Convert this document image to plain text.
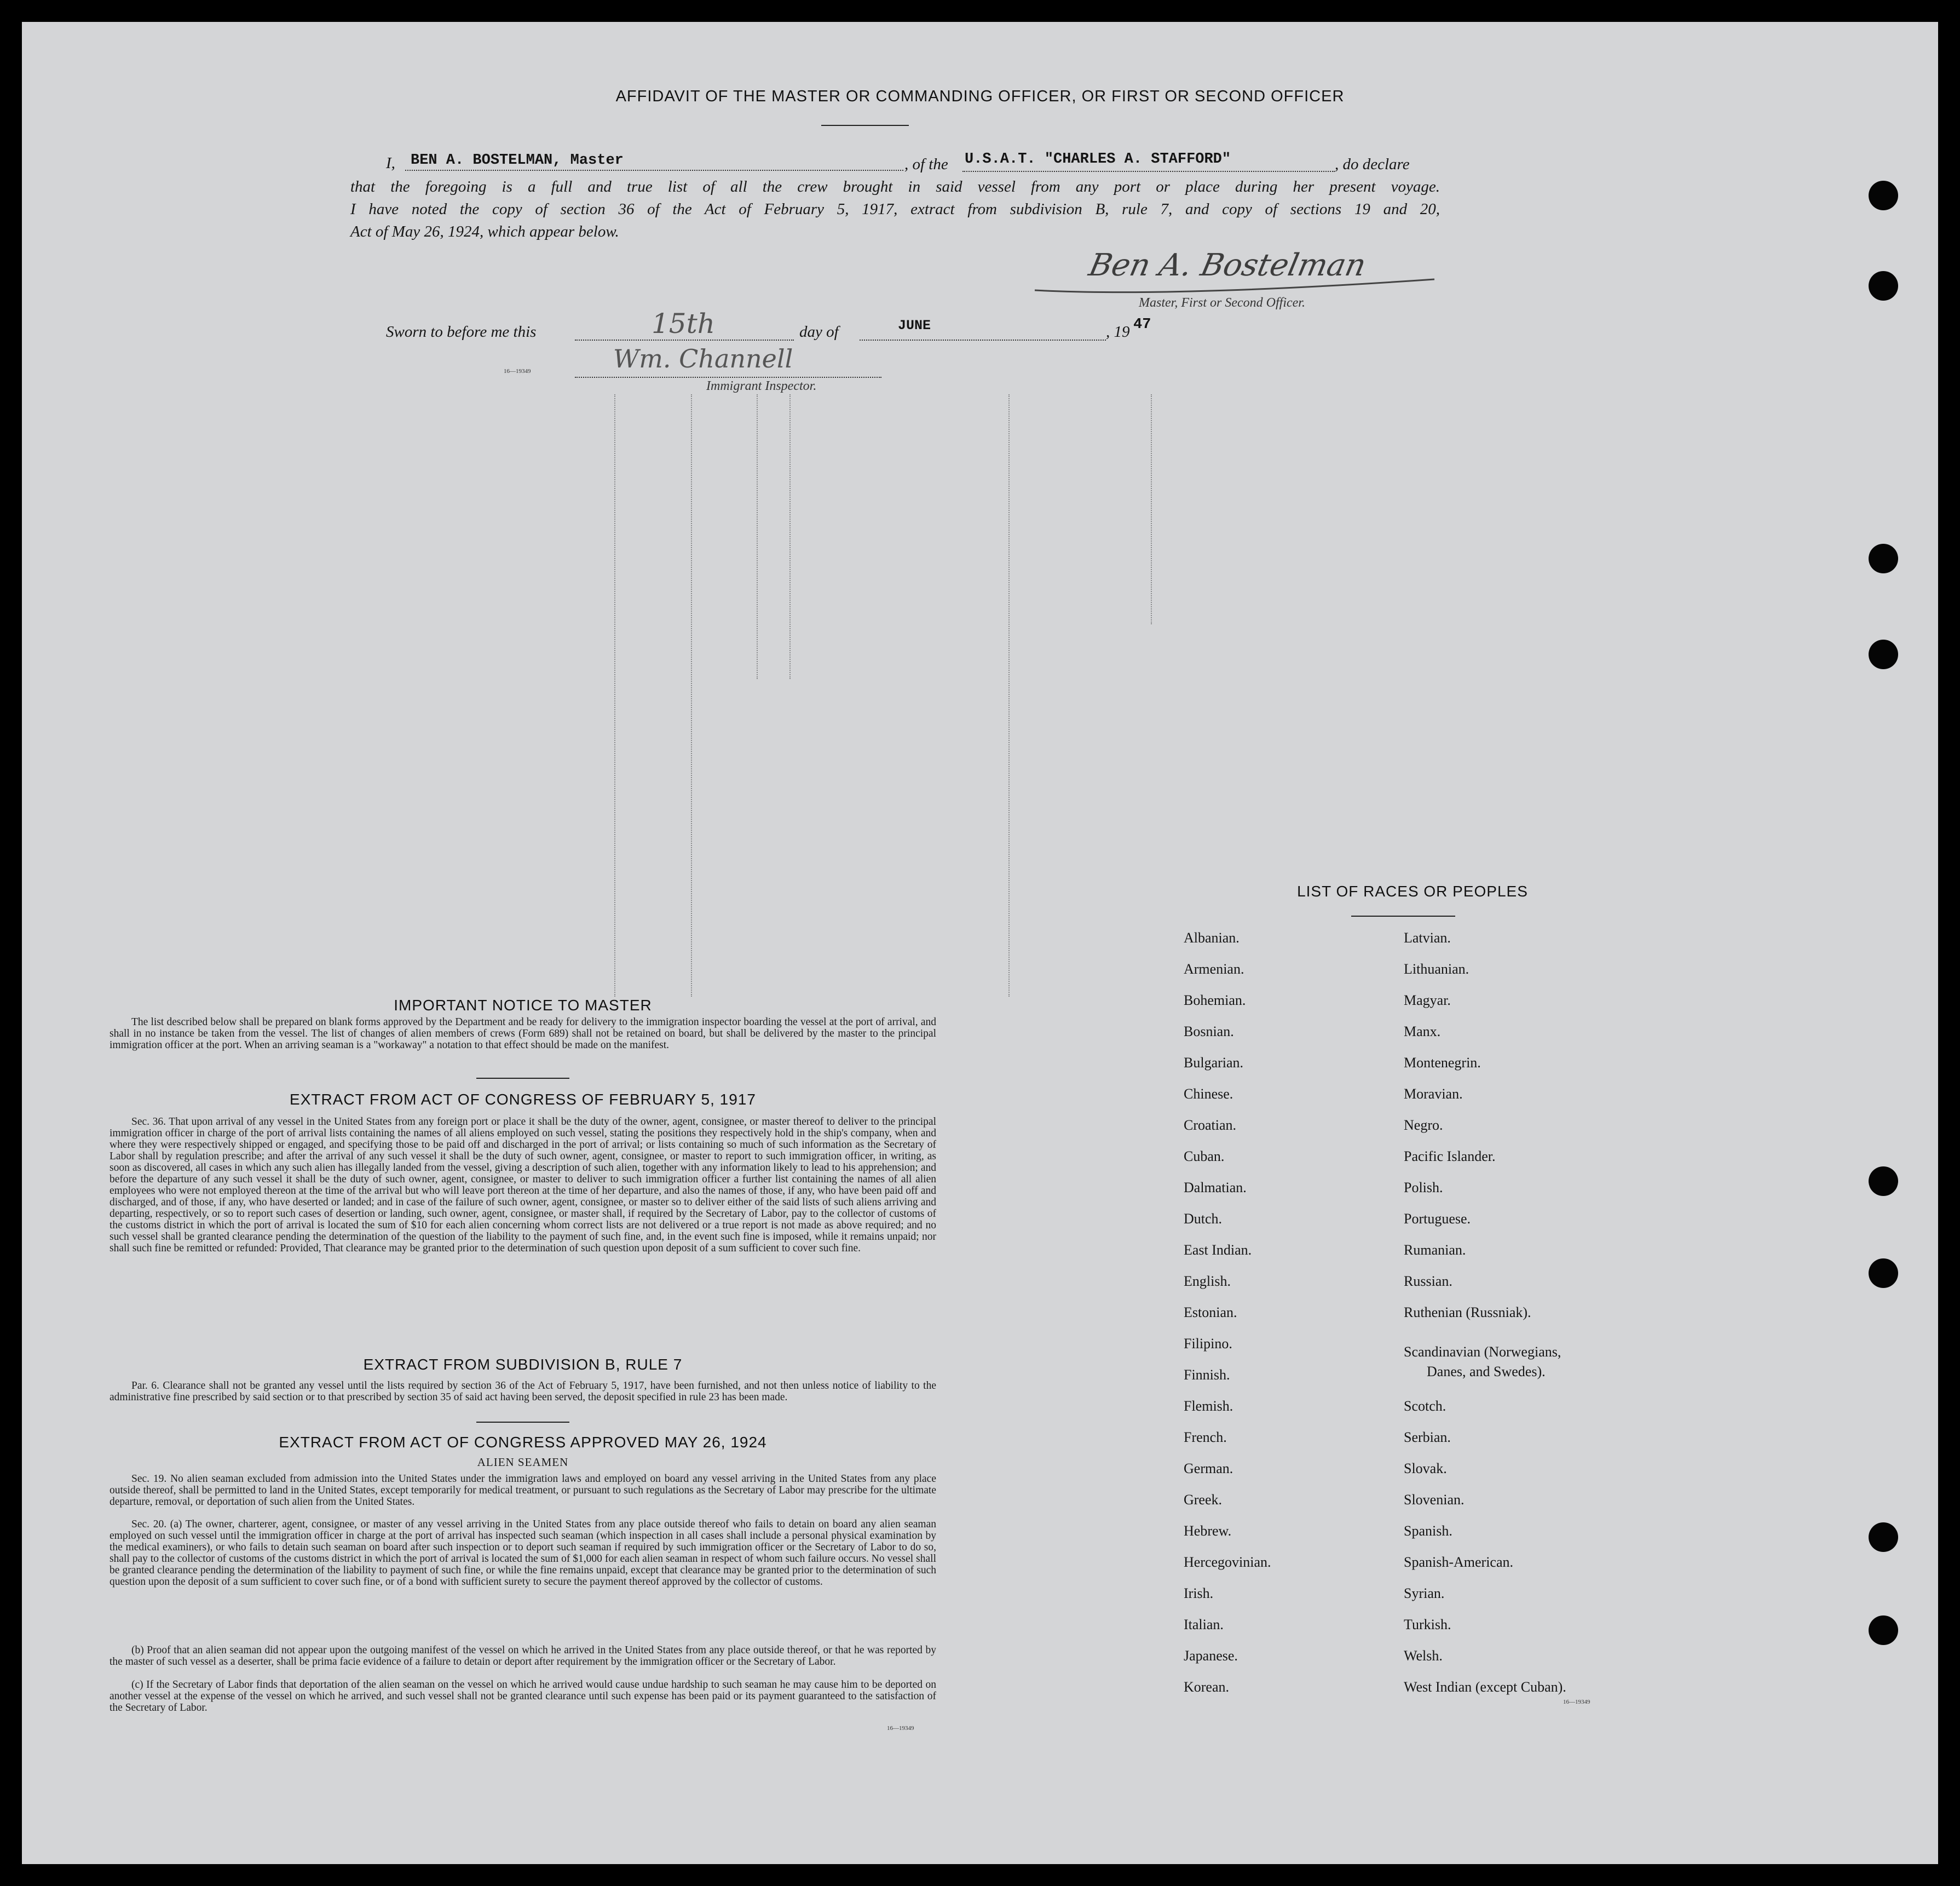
AFFIDAVIT OF THE MASTER OR COMMANDING OFFICER, OR FIRST OR SECOND OFFICER
I, BEN A. BOSTELMAN, Master	, of the U.S.A.T. "CHARLES A. STAFFORD"	, do declare
that the foregoing is a full and true list of all the crew brought in said vessel from any port or place during her present voyage.
I have noted the copy of section 36 of the Act of February 5, 1917, extract from subdivision B, rule 7, and copy of sections 19 and 20,
Act of May 26, 1924, which appear below.
Ben A. Bostelman
Master, First or Second Officer.
Sworn to before me this	15th	day of	JUNE	, 19 47
16—19349	Wm. Channell
Immigrant Inspector.
IMPORTANT NOTICE TO MASTER
The list described below shall be prepared on blank forms approved by the Department and be ready for delivery to the immigration inspector boarding the vessel at the port of arrival, and shall in no instance be taken from the vessel. The list of changes of alien members of crews (Form 689) shall not be retained on board, but shall be delivered by the master to the principal immigration officer at the port. When an arriving seaman is a "workaway" a notation to that effect should be made on the manifest.
EXTRACT FROM ACT OF CONGRESS OF FEBRUARY 5, 1917
Sec. 36. That upon arrival of any vessel in the United States from any foreign port or place it shall be the duty of the owner, agent, consignee, or master thereof to deliver to the principal immigration officer in charge of the port of arrival lists containing the names of all aliens employed on such vessel, stating the positions they respectively hold in the ship's company, when and where they were respectively shipped or engaged, and specifying those to be paid off and discharged in the port of arrival; or lists containing so much of such information as the Secretary of Labor shall by regulation prescribe; and after the arrival of any such vessel it shall be the duty of such owner, agent, consignee, or master to report to such immigration officer, in writing, as soon as discovered, all cases in which any such alien has illegally landed from the vessel, giving a description of such alien, together with any information likely to lead to his apprehension; and before the departure of any such vessel it shall be the duty of such owner, agent, consignee, or master to deliver to such immigration officer a further list containing the names of all alien employees who were not employed thereon at the time of the arrival but who will leave port thereon at the time of her departure, and also the names of those, if any, who have been paid off and discharged, and of those, if any, who have deserted or landed; and in case of the failure of such owner, agent, consignee, or master so to deliver either of the said lists of such aliens arriving and departing, respectively, or so to report such cases of desertion or landing, such owner, agent, consignee, or master shall, if required by the Secretary of Labor, pay to the collector of customs of the customs district in which the port of arrival is located the sum of $10 for each alien concerning whom correct lists are not delivered or a true report is not made as above required; and no such vessel shall be granted clearance pending the determination of the question of the liability to the payment of such fine, and, in the event such fine is imposed, while it remains unpaid; nor shall such fine be remitted or refunded: Provided, That clearance may be granted prior to the determination of such question upon deposit of a sum sufficient to cover such fine.
EXTRACT FROM SUBDIVISION B, RULE 7
Par. 6. Clearance shall not be granted any vessel until the lists required by section 36 of the Act of February 5, 1917, have been furnished, and not then unless notice of liability to the administrative fine prescribed by said section or to that prescribed by section 35 of said act having been served, the deposit specified in rule 23 has been made.
EXTRACT FROM ACT OF CONGRESS APPROVED MAY 26, 1924
ALIEN SEAMEN
Sec. 19. No alien seaman excluded from admission into the United States under the immigration laws and employed on board any vessel arriving in the United States from any place outside thereof, shall be permitted to land in the United States, except temporarily for medical treatment, or pursuant to such regulations as the Secretary of Labor may prescribe for the ultimate departure, removal, or deportation of such alien from the United States.
Sec. 20. (a) The owner, charterer, agent, consignee, or master of any vessel arriving in the United States from any place outside thereof who fails to detain on board any alien seaman employed on such vessel until the immigration officer in charge at the port of arrival has inspected such seaman (which inspection in all cases shall include a personal physical examination by the medical examiners), or who fails to detain such seaman on board after such inspection or to deport such seaman if required by such immigration officer or the Secretary of Labor to do so, shall pay to the collector of customs of the customs district in which the port of arrival is located the sum of $1,000 for each alien seaman in respect of whom such failure occurs. No vessel shall be granted clearance pending the determination of the liability to payment of such fine, or while the fine remains unpaid, except that clearance may be granted prior to the determination of such question upon the deposit of a sum sufficient to cover such fine, or of a bond with sufficient surety to secure the payment thereof approved by the collector of customs.
(b) Proof that an alien seaman did not appear upon the outgoing manifest of the vessel on which he arrived in the United States from any place outside thereof, or that he was reported by the master of such vessel as a deserter, shall be prima facie evidence of a failure to detain or deport after requirement by the immigration officer or the Secretary of Labor.
(c) If the Secretary of Labor finds that deportation of the alien seaman on the vessel on which he arrived would cause undue hardship to such seaman he may cause him to be deported on another vessel at the expense of the vessel on which he arrived, and such vessel shall not be granted clearance until such expense has been paid or its payment guaranteed to the satisfaction of the Secretary of Labor.
16—19349
LIST OF RACES OR PEOPLES
Albanian.
Armenian.
Bohemian.
Bosnian.
Bulgarian.
Chinese.
Croatian.
Cuban.
Dalmatian.
Dutch.
East Indian.
English.
Estonian.
Filipino.
Finnish.
Flemish.
French.
German.
Greek.
Hebrew.
Hercegovinian.
Irish.
Italian.
Japanese.
Korean.
Latvian.
Lithuanian.
Magyar.
Manx.
Montenegrin.
Moravian.
Negro.
Pacific Islander.
Polish.
Portuguese.
Rumanian.
Russian.
Ruthenian (Russniak).
Scandinavian (Norwegians,
Danes, and Swedes).
Scotch.
Serbian.
Slovak.
Slovenian.
Spanish.
Spanish-American.
Syrian.
Turkish.
Welsh.
West Indian (except Cuban).
16—19349
